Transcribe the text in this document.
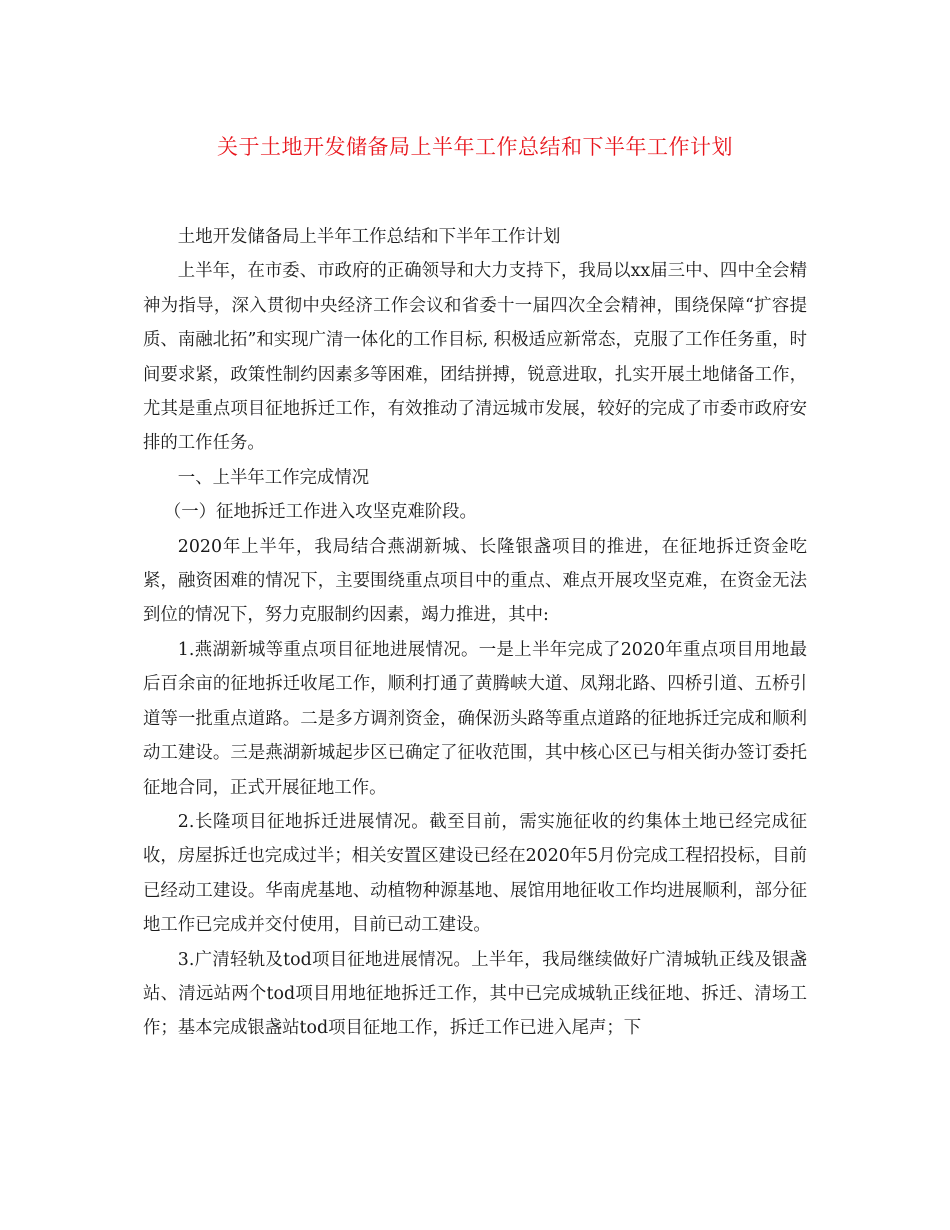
关于土地开发储备局上半年工作总结和下半年工作计划

土地开发储备局上半年工作总结和下半年工作计划

上半年，在市委、市政府的正确领导和大力支持下，我局以xx届三中、四中全会精神为指导，深入贯彻中央经济工作会议和省委十一届四次全会精神，围绕保障“扩容提质、南融北拓”和实现广清一体化的工作目标, 积极适应新常态，克服了工作任务重，时间要求紧，政策性制约因素多等困难，团结拼搏，锐意进取，扎实开展土地储备工作，尤其是重点项目征地拆迁工作，有效推动了清远城市发展，较好的完成了市委市政府安排的工作任务。

一、上半年工作完成情况

（一）征地拆迁工作进入攻坚克难阶段。

2020年上半年，我局结合燕湖新城、长隆银盏项目的推进，在征地拆迁资金吃紧，融资困难的情况下，主要围绕重点项目中的重点、难点开展攻坚克难，在资金无法到位的情况下，努力克服制约因素，竭力推进，其中:

1.燕湖新城等重点项目征地进展情况。一是上半年完成了2020年重点项目用地最后百余亩的征地拆迁收尾工作，顺利打通了黄腾峡大道、凤翔北路、四桥引道、五桥引道等一批重点道路。二是多方调剂资金，确保沥头路等重点道路的征地拆迁完成和顺利动工建设。三是燕湖新城起步区已确定了征收范围，其中核心区已与相关街办签订委托征地合同，正式开展征地工作。

2.长隆项目征地拆迁进展情况。截至目前，需实施征收的约集体土地已经完成征收，房屋拆迁也完成过半；相关安置区建设已经在2020年5月份完成工程招投标，目前已经动工建设。华南虎基地、动植物种源基地、展馆用地征收工作均进展顺利，部分征地工作已完成并交付使用，目前已动工建设。

3.广清轻轨及tod项目征地进展情况。上半年，我局继续做好广清城轨正线及银盏站、清远站两个tod项目用地征地拆迁工作，其中已完成城轨正线征地、拆迁、清场工作；基本完成银盏站tod项目征地工作，拆迁工作已进入尾声；下
